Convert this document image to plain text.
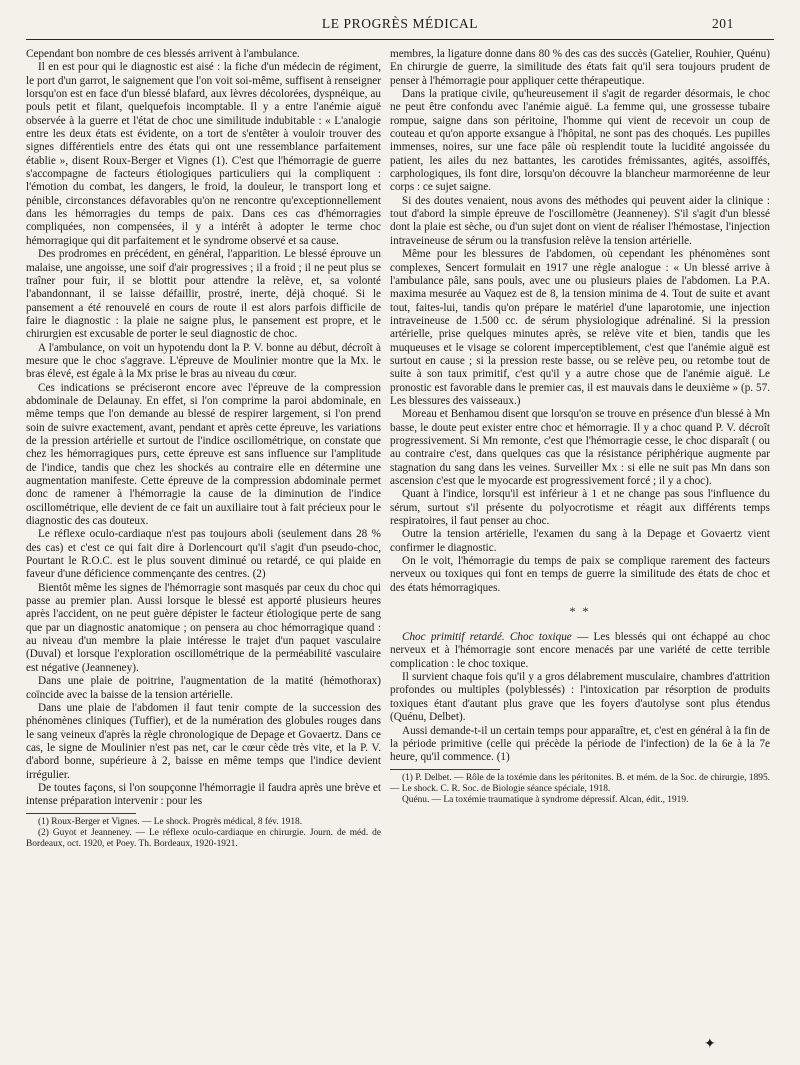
LE PROGRÈS MÉDICAL	201

Cependant bon nombre de ces blessés arrivent à l'ambulance.

Il en est pour qui le diagnostic est aisé : la fiche d'un médecin de régiment, le port d'un garrot, le saignement que l'on voit soi-même, suffisent à renseigner lorsqu'on est en face d'un blessé blafard, aux lèvres décolorées, dyspnéique, au pouls petit et filant, quelquefois incomptable. Il y a entre l'anémie aiguë observée à la guerre et l'état de choc une similitude indubitable : « L'analogie entre les deux états est évidente, on a tort de s'entêter à vouloir trouver des signes différentiels entre des états qui ont une ressemblance parfaitement établie », disent Roux-Berger et Vignes (1). C'est que l'hémorragie de guerre s'accompagne de facteurs étiologiques particuliers qui la compliquent : l'émotion du combat, les dangers, le froid, la douleur, le transport long et pénible, circonstances défavorables qu'on ne rencontre qu'exceptionnellement dans les hémorragies du temps de paix. Dans ces cas d'hémorragies compliquées, non compensées, il y a intérêt à adopter le terme choc hémorragique qui dit parfaitement et le syndrome observé et sa cause.

Des prodromes en précédent, en général, l'apparition. Le blessé éprouve un malaise, une angoisse, une soif d'air progressives ; il a froid ; il ne peut plus se traîner pour fuir, il se blottit pour attendre la relève, et, sa volonté l'abandonnant, il se laisse défaillir, prostré, inerte, déjà choqué. Si le pansement a été renouvelé en cours de route il est alors parfois difficile de faire le diagnostic : la plaie ne saigne plus, le pansement est propre, et le chirurgien est excusable de porter le seul diagnostic de choc.

A l'ambulance, on voit un hypotendu dont la P. V. bonne au début, décroît à mesure que le choc s'aggrave. L'épreuve de Moulinier montre que la Mx. le bras élevé, est égale à la Mx prise le bras au niveau du cœur.

Ces indications se préciseront encore avec l'épreuve de la compression abdominale de Delaunay. En effet, si l'on comprime la paroi abdominale, en même temps que l'on demande au blessé de respirer largement, si l'on prend soin de suivre exactement, avant, pendant et après cette épreuve, les variations de la pression artérielle et surtout de l'indice oscillométrique, on constate que chez les hémorragiques purs, cette épreuve est sans influence sur l'amplitude de l'indice, tandis que chez les shockés au contraire elle en détermine une augmentation manifeste. Cette épreuve de la compression abdominale permet donc de ramener à l'hémorragie la cause de la diminution de l'indice oscillométrique, elle devient de ce fait un auxiliaire tout à fait précieux pour le diagnostic des cas douteux.

Le réflexe oculo-cardiaque n'est pas toujours aboli (seulement dans 28 % des cas) et c'est ce qui fait dire à Dorlencourt qu'il s'agit d'un pseudo-choc, Pourtant le R.O.C. est le plus souvent diminué ou retardé, ce qui plaide en faveur d'une déficience commençante des centres. (2)

Bientôt même les signes de l'hémorragie sont masqués par ceux du choc qui passe au premier plan. Aussi lorsque le blessé est apporté plusieurs heures après l'accident, on ne peut guère dépister le facteur étiologique perte de sang que par un diagnostic anatomique ; on pensera au choc hémorragique quand : au niveau d'un membre la plaie intéresse le trajet d'un paquet vasculaire (Duval) et lorsque l'exploration oscillométrique de la perméabilité vasculaire est négative (Jeanneney).

Dans une plaie de poitrine, l'augmentation de la matité (hémothorax) coïncide avec la baisse de la tension artérielle.

Dans une plaie de l'abdomen il faut tenir compte de la succession des phénomènes cliniques (Tuffier), et de la numération des globules rouges dans le sang veineux d'après la règle chronologique de Depage et Govaertz. Dans ce cas, le signe de Moulinier n'est pas net, car le cœur cède très vite, et la P. V. d'abord bonne, supérieure à 2, baisse en même temps que l'indice devient irrégulier.

De toutes façons, si l'on soupçonne l'hémorragie il faudra après une brève et intense préparation intervenir : pour les

(1) Roux-Berger et Vignes. — Le shock. Progrès médical, 8 fév. 1918.

(2) Guyot et Jeanneney. — Le réflexe oculo-cardiaque en chirurgie. Journ. de méd. de Bordeaux, oct. 1920, et Poey. Th. Bordeaux, 1920-1921.

membres, la ligature donne dans 80 % des cas des succès (Gatelier, Rouhier, Quénu) En chirurgie de guerre, la similitude des états fait qu'il sera toujours prudent de penser à l'hémorragie pour appliquer cette thérapeutique.

Dans la pratique civile, qu'heureusement il s'agit de regarder désormais, le choc ne peut être confondu avec l'anémie aiguë. La femme qui, une grossesse tubaire rompue, saigne dans son péritoine, l'homme qui vient de recevoir un coup de couteau et qu'on apporte exsangue à l'hôpital, ne sont pas des choqués. Les pupilles immenses, noires, sur une face pâle où resplendit toute la lucidité angoissée du patient, les ailes du nez battantes, les carotides frémissantes, agités, assoiffés, carphologiques, ils font dire, lorsqu'on découvre la blancheur marmoréenne de leur corps : ce sujet saigne.

Si des doutes venaient, nous avons des méthodes qui peuvent aider la clinique : tout d'abord la simple épreuve de l'oscillomètre (Jeanneney). S'il s'agit d'un blessé dont la plaie est sèche, ou d'un sujet dont on vient de réaliser l'hémostase, l'injection intraveineuse de sérum ou la transfusion relève la tension artérielle.

Même pour les blessures de l'abdomen, où cependant les phénomènes sont complexes, Sencert formulait en 1917 une règle analogue : « Un blessé arrive à l'ambulance pâle, sans pouls, avec une ou plusieurs plaies de l'abdomen. La P.A. maxima mesurée au Vaquez est de 8, la tension minima de 4. Tout de suite et avant tout, faites-lui, tandis qu'on prépare le matériel d'une laparotomie, une injection intraveineuse de 1.500 cc. de sérum physiologique adrénaliné. Si la pression artérielle, prise quelques minutes après, se relève vite et bien, tandis que les muqueuses et le visage se colorent imperceptiblement, c'est que l'anémie aiguë est surtout en cause ; si la pression reste basse, ou se relève peu, ou retombe tout de suite à son taux primitif, c'est qu'il y a autre chose que de l'anémie aiguë. Le pronostic est favorable dans le premier cas, il est mauvais dans le deuxième » (p. 57. Les blessures des vaisseaux.)

Moreau et Benhamou disent que lorsqu'on se trouve en présence d'un blessé à Mn basse, le doute peut exister entre choc et hémorragie. Il y a choc quand P. V. décroît progressivement. Si Mn remonte, c'est que l'hémorragie cesse, le choc disparaît ( ou au contraire c'est, dans quelques cas que la résistance périphérique augmente par stagnation du sang dans les veines. Surveiller Mx : si elle ne suit pas Mn dans son ascension c'est que le myocarde est progressivement forcé ; il y a choc).

Quant à l'indice, lorsqu'il est inférieur à 1 et ne change pas sous l'influence du sérum, surtout s'il présente du polyocrotisme et réagit aux différents temps respiratoires, il faut penser au choc.

Outre la tension artérielle, l'examen du sang à la Depage et Govaertz vient confirmer le diagnostic.

On le voit, l'hémorragie du temps de paix se complique rarement des facteurs nerveux ou toxiques qui font en temps de guerre la similitude des états de choc et des états hémorragiques.

* *

Choc primitif retardé. Choc toxique — Les blessés qui ont échappé au choc nerveux et à l'hémorragie sont encore menacés par une variété de cette terrible complication : le choc toxique.

Il survient chaque fois qu'il y a gros délabrement musculaire, chambres d'attrition profondes ou multiples (polyblessés) : l'intoxication par résorption de produits toxiques étant d'autant plus grave que les foyers d'autolyse sont plus étendus (Quénu, Delbet).

Aussi demande-t-il un certain temps pour apparaître, et, c'est en général à la fin de la période primitive (celle qui précède la période de l'infection) de la 6e à la 7e heure, qu'il commence. (1)

(1) P. Delbet. — Rôle de la toxémie dans les péritonites. B. et mém. de la Soc. de chirurgie, 1895. — Le shock. C. R. Soc. de Biologie séance spéciale, 1918.

Quénu. — La toxémie traumatique à syndrome dépressif. Alcan, édit., 1919.

✦
